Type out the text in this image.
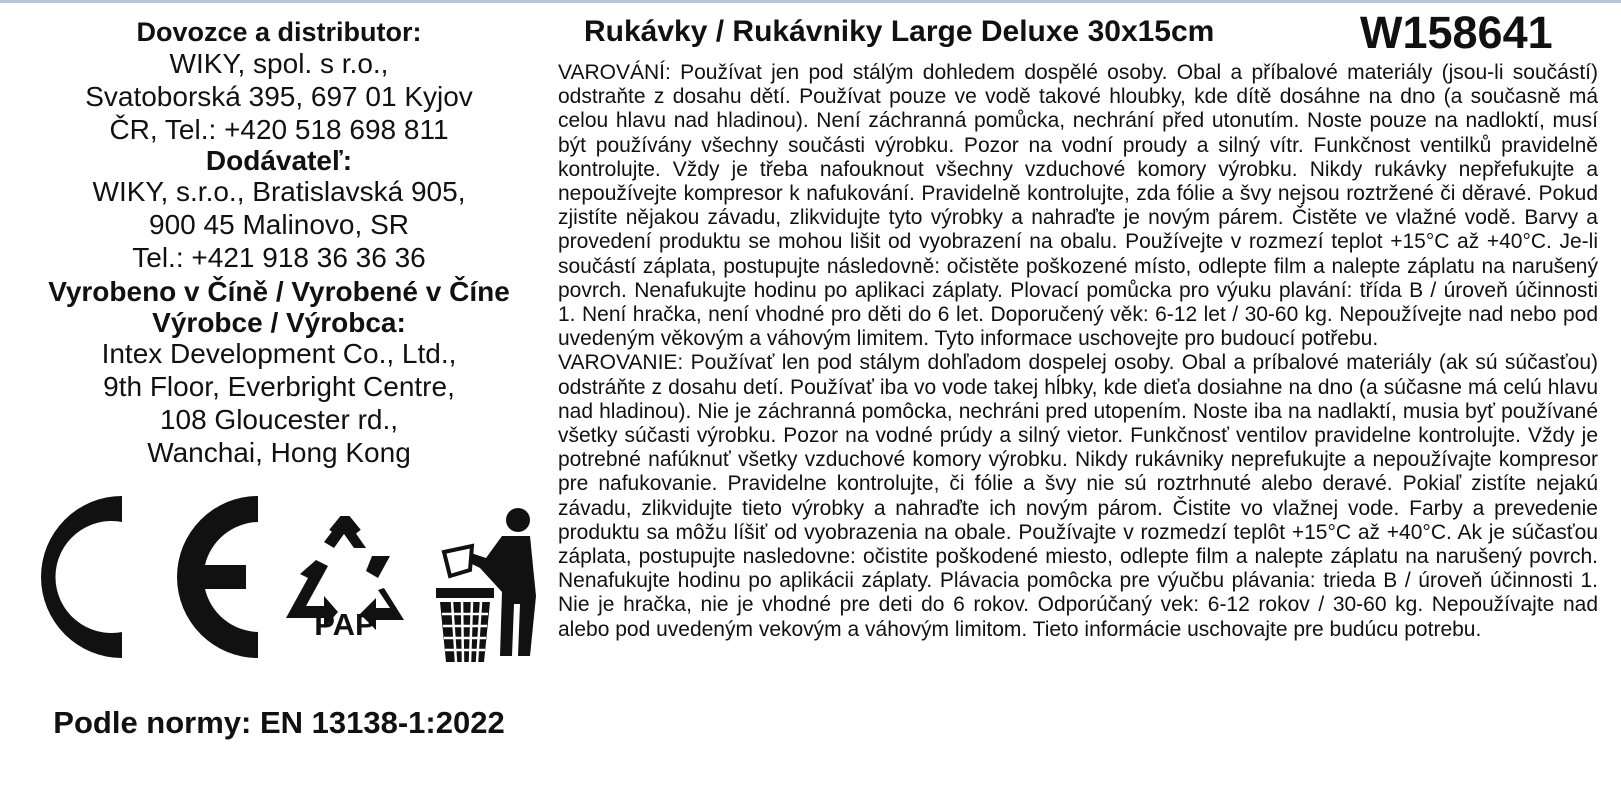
Dovozce a distributor:
WIKY, spol. s r.o.,
Svatoborská 395, 697 01 Kyjov
ČR, Tel.: +420 518 698 811
Dodávateľ:
WIKY, s.r.o., Bratislavská 905,
900 45 Malinovo, SR
Tel.: +421 918 36 36 36
Vyrobeno v Číně / Vyrobené v Číne
Výrobce / Výrobca:
Intex Development Co., Ltd.,
9th Floor, Everbright Centre,
108 Gloucester rd.,
Wanchai, Hong Kong
PAP
Podle normy: EN 13138-1:2022
Rukávky / Rukávniky Large Deluxe 30x15cm	W158641

VAROVÁNÍ: Používat jen pod stálým dohledem dospělé osoby. Obal a příbalové materiály (jsou-li součástí) odstraňte z dosahu dětí. Používat pouze ve vodě takové hloubky, kde dítě dosáhne na dno (a současně má celou hlavu nad hladinou). Není záchranná pomůcka, nechrání před utonutím. Noste pouze na nadloktí, musí být používány všechny součásti výrobku. Pozor na vodní proudy a silný vítr. Funkčnost ventilků pravidelně kontrolujte. Vždy je třeba nafouknout všechny vzduchové komory výrobku. Nikdy rukávky nepřefukujte a nepoužívejte kompresor k nafukování. Pravidelně kontrolujte, zda fólie a švy nejsou roztržené či děravé. Pokud zjistíte nějakou závadu, zlikvidujte tyto výrobky a nahraďte je novým párem. Čistěte ve vlažné vodě. Barvy a provedení produktu se mohou lišit od vyobrazení na obalu. Používejte v rozmezí teplot +15°C až +40°C. Je-li součástí záplata, postupujte následovně: očistěte poškozené místo, odlepte film a nalepte záplatu na narušený povrch. Nenafukujte hodinu po aplikaci záplaty. Plovací pomůcka pro výuku plavání: třída B / úroveň účinnosti 1. Není hračka, není vhodné pro děti do 6 let. Doporučený věk: 6-12 let / 30-60 kg. Nepoužívejte nad nebo pod uvedeným věkovým a váhovým limitem. Tyto informace uschovejte pro budoucí potřebu.

VAROVANIE: Používať len pod stálym dohľadom dospelej osoby. Obal a príbalové materiály (ak sú súčasťou) odstráňte z dosahu detí. Používať iba vo vode takej hĺbky, kde dieťa dosiahne na dno (a súčasne má celú hlavu nad hladinou). Nie je záchranná pomôcka, nechráni pred utopením. Noste iba na nadlaktí, musia byť používané všetky súčasti výrobku. Pozor na vodné prúdy a silný vietor. Funkčnosť ventilov pravidelne kontrolujte. Vždy je potrebné nafúknuť všetky vzduchové komory výrobku. Nikdy rukávniky neprefukujte a nepoužívajte kompresor pre nafukovanie. Pravidelne kontrolujte, či fólie a švy nie sú roztrhnuté alebo deravé. Pokiaľ zistíte nejakú závadu, zlikvidujte tieto výrobky a nahraďte ich novým párom. Čistite vo vlažnej vode. Farby a prevedenie produktu sa môžu líšiť od vyobrazenia na obale. Používajte v rozmedzí teplôt +15°C až +40°C. Ak je súčasťou záplata, postupujte nasledovne: očistite poškodené miesto, odlepte film a nalepte záplatu na narušený povrch. Nenafukujte hodinu po aplikácii záplaty. Plávacia pomôcka pre výučbu plávania: trieda B / úroveň účinnosti 1. Nie je hračka, nie je vhodné pre deti do 6 rokov. Odporúčaný vek: 6-12 rokov / 30-60 kg. Nepoužívajte nad alebo pod uvedeným vekovým a váhovým limitom. Tieto informácie uschovajte pre budúcu potrebu.
